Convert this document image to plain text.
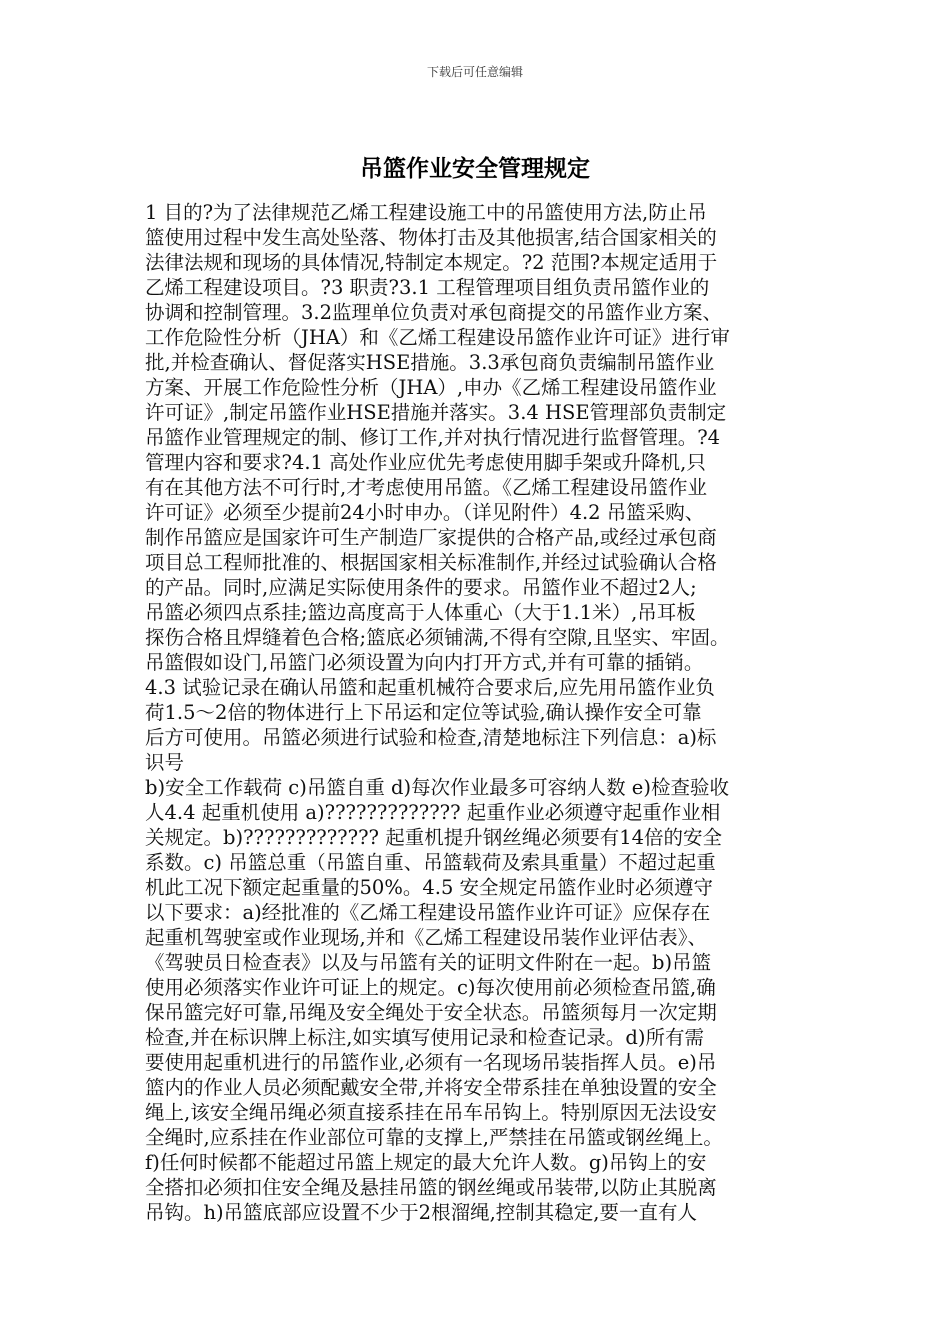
下载后可任意编辑
吊篮作业安全管理规定
1 目的?为了法律规范乙烯工程建设施工中的吊篮使用方法,防止吊
篮使用过程中发生高处坠落、物体打击及其他损害,结合国家相关的
法律法规和现场的具体情况,特制定本规定。?2 范围?本规定适用于
乙烯工程建设项目。?3 职责?3.1 工程管理项目组负责吊篮作业的
协调和控制管理。3.2监理单位负责对承包商提交的吊篮作业方案、
工作危险性分析（JHA）和《乙烯工程建设吊篮作业许可证》进行审
批,并检查确认、督促落实HSE措施。3.3承包商负责编制吊篮作业
方案、开展工作危险性分析（JHA）,申办《乙烯工程建设吊篮作业
许可证》,制定吊篮作业HSE措施并落实。3.4 HSE管理部负责制定
吊篮作业管理规定的制、修订工作,并对执行情况进行监督管理。?4
管理内容和要求?4.1 高处作业应优先考虑使用脚手架或升降机,只
有在其他方法不可行时,才考虑使用吊篮。《乙烯工程建设吊篮作业
许可证》必须至少提前24小时申办。（详见附件）4.2 吊篮采购、
制作吊篮应是国家许可生产制造厂家提供的合格产品,或经过承包商
项目总工程师批准的、根据国家相关标准制作,并经过试验确认合格
的产品。同时,应满足实际使用条件的要求。吊篮作业不超过2人;
吊篮必须四点系挂;篮边高度高于人体重心（大于1.1米）,吊耳板
探伤合格且焊缝着色合格;篮底必须铺满,不得有空隙,且坚实、牢固。
吊篮假如设门,吊篮门必须设置为向内打开方式,并有可靠的插销。
4.3 试验记录在确认吊篮和起重机械符合要求后,应先用吊篮作业负
荷1.5～2倍的物体进行上下吊运和定位等试验,确认操作安全可靠
后方可使用。吊篮必须进行试验和检查,清楚地标注下列信息：a)标
识号
b)安全工作载荷 c)吊篮自重 d)每次作业最多可容纳人数 e)检查验收
人4.4 起重机使用 a)????????????? 起重作业必须遵守起重作业相
关规定。b)????????????? 起重机提升钢丝绳必须要有14倍的安全
系数。c) 吊篮总重（吊篮自重、吊篮载荷及索具重量）不超过起重
机此工况下额定起重量的50%。4.5 安全规定吊篮作业时必须遵守
以下要求：a)经批准的《乙烯工程建设吊篮作业许可证》应保存在
起重机驾驶室或作业现场,并和《乙烯工程建设吊装作业评估表》、
《驾驶员日检查表》以及与吊篮有关的证明文件附在一起。b)吊篮
使用必须落实作业许可证上的规定。c)每次使用前必须检查吊篮,确
保吊篮完好可靠,吊绳及安全绳处于安全状态。吊篮须每月一次定期
检查,并在标识牌上标注,如实填写使用记录和检查记录。d)所有需
要使用起重机进行的吊篮作业,必须有一名现场吊装指挥人员。e)吊
篮内的作业人员必须配戴安全带,并将安全带系挂在单独设置的安全
绳上,该安全绳吊绳必须直接系挂在吊车吊钩上。特别原因无法设安
全绳时,应系挂在作业部位可靠的支撑上,严禁挂在吊篮或钢丝绳上。
f)任何时候都不能超过吊篮上规定的最大允许人数。g)吊钩上的安
全搭扣必须扣住安全绳及悬挂吊篮的钢丝绳或吊装带,以防止其脱离
吊钩。h)吊篮底部应设置不少于2根溜绳,控制其稳定,要一直有人
